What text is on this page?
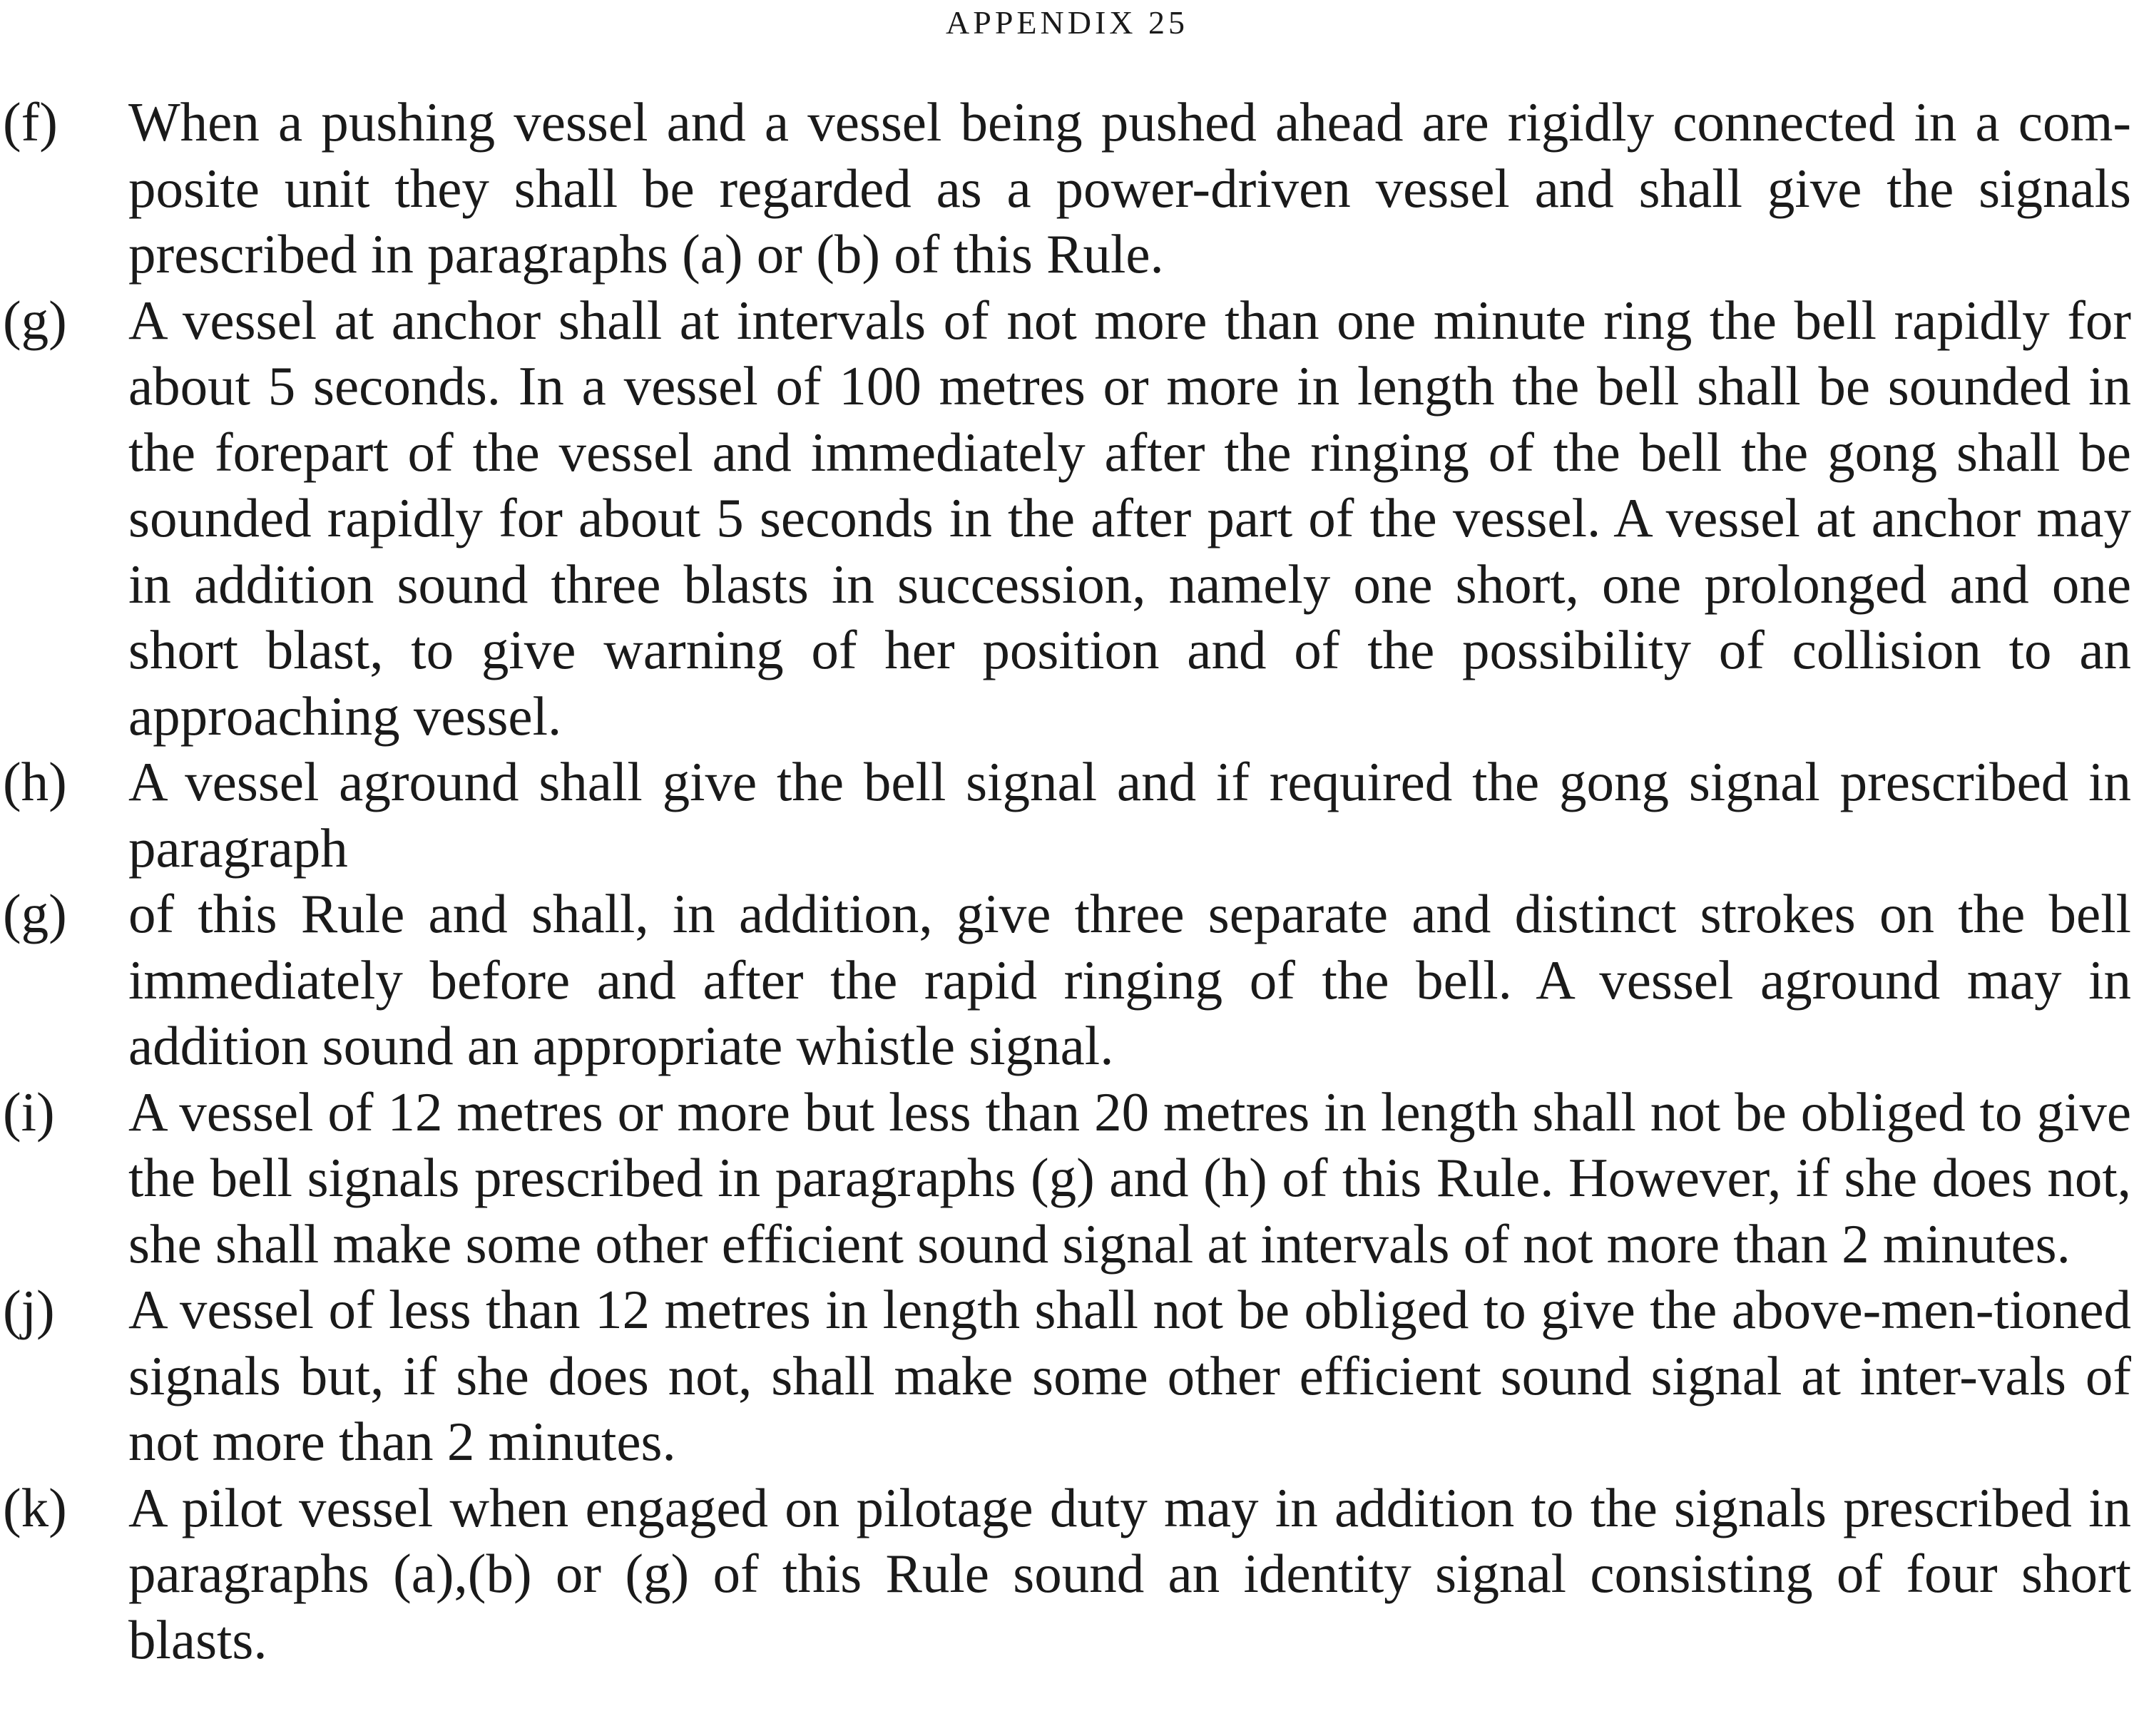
APPENDIX 25
(f)	When a pushing vessel and a vessel being pushed ahead are rigidly connected in a com-posite unit they shall be regarded as a power-driven vessel and shall give the signals prescribed in paragraphs (a) or (b) of this Rule.
(g)	A vessel at anchor shall at intervals of not more than one minute ring the bell rapidly for about 5 seconds. In a vessel of 100 metres or more in length the bell shall be sounded in the forepart of the vessel and immediately after the ringing of the bell the gong shall be sounded rapidly for about 5 seconds in the after part of the vessel. A vessel at anchor may in addition sound three blasts in succession, namely one short, one prolonged and one short blast, to give warning of her position and of the possibility of collision to an approaching vessel.
(h)	A vessel aground shall give the bell signal and if required the gong signal prescribed in paragraph
(g)	of this Rule and shall, in addition, give three separate and distinct strokes on the bell immediately before and after the rapid ringing of the bell. A vessel aground may in addition sound an appropriate whistle signal.
(i)	A vessel of 12 metres or more but less than 20 metres in length shall not be obliged to give the bell signals prescribed in paragraphs (g) and (h) of this Rule. However, if she does not, she shall make some other efficient sound signal at intervals of not more than 2 minutes.
(j)	A vessel of less than 12 metres in length shall not be obliged to give the above-men-tioned signals but, if she does not, shall make some other efficient sound signal at inter-vals of not more than 2 minutes.
(k)	A pilot vessel when engaged on pilotage duty may in addition to the signals prescribed in paragraphs (a),(b) or (g) of this Rule sound an identity signal consisting of four short blasts.
